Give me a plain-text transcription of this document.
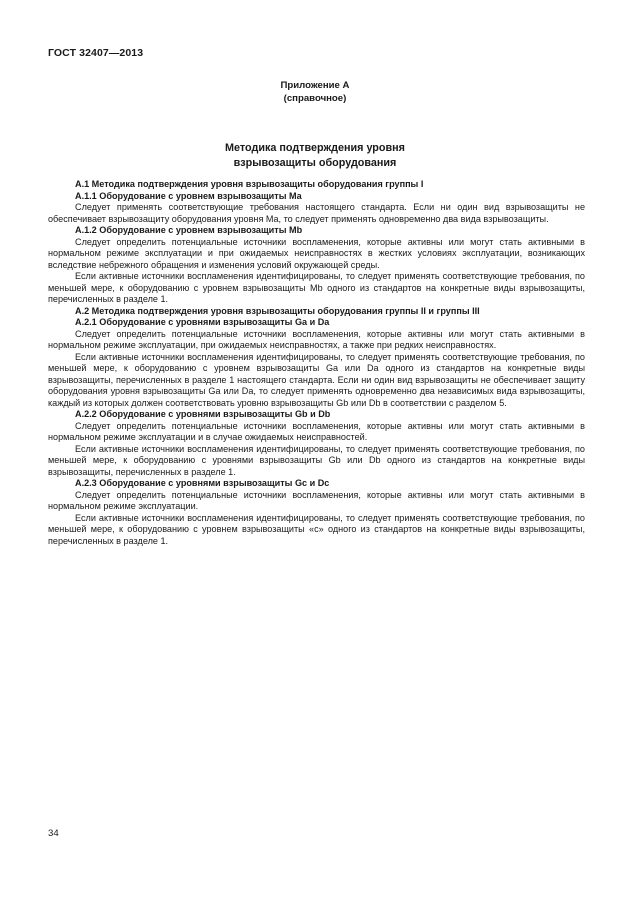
ГОСТ 32407—2013
Приложение А
(справочное)
Методика подтверждения уровня
взрывозащиты оборудования

А.1 Методика подтверждения уровня взрывозащиты оборудования группы I

А.1.1 Оборудование с уровнем взрывозащиты Ma

Следует применять соответствующие требования настоящего стандарта. Если ни один вид взрывозащиты не обеспечивает взрывозащиту оборудования уровня Ma, то следует применять одновременно два вида взрывозащиты.

А.1.2 Оборудование с уровнем взрывозащиты Mb

Следует определить потенциальные источники воспламенения, которые активны или могут стать активными в нормальном режиме эксплуатации и при ожидаемых неисправностях в жестких условиях эксплуатации, возникающих вследствие небрежного обращения и изменения условий окружающей среды.

Если активные источники воспламенения идентифицированы, то следует применять соответствующие требования, по меньшей мере, к оборудованию с уровнем взрывозащиты Mb одного из стандартов на конкретные виды взрывозащиты, перечисленных в разделе 1.

А.2 Методика подтверждения уровня взрывозащиты оборудования группы II и группы III

А.2.1 Оборудование с уровнями взрывозащиты Ga и Da

Следует определить потенциальные источники воспламенения, которые активны или могут стать активными в нормальном режиме эксплуатации, при ожидаемых неисправностях, а также при редких неисправностях.

Если активные источники воспламенения идентифицированы, то следует применять соответствующие требования, по меньшей мере, к оборудованию с уровнем взрывозащиты Ga или Da одного из стандартов на конкретные виды взрывозащиты, перечисленных в разделе 1 настоящего стандарта. Если ни один вид взрывозащиты не обеспечивает защиту оборудования уровня взрывозащиты Ga или Da, то следует применять одновременно два независимых вида взрывозащиты, каждый из которых должен соответствовать уровню взрывозащиты Gb или Db в соответствии с разделом 5.

А.2.2 Оборудование с уровнями взрывозащиты Gb и Db

Следует определить потенциальные источники воспламенения, которые активны или могут стать активными в нормальном режиме эксплуатации и в случае ожидаемых неисправностей.

Если активные источники воспламенения идентифицированы, то следует применять соответствующие требования, по меньшей мере, к оборудованию с уровнями взрывозащиты Gb или Db одного из стандартов на конкретные виды взрывозащиты, перечисленных в разделе 1.

А.2.3 Оборудование с уровнями взрывозащиты Gc и Dc

Следует определить потенциальные источники воспламенения, которые активны или могут стать активными в нормальном режиме эксплуатации.

Если активные источники воспламенения идентифицированы, то следует применять соответствующие требования, по меньшей мере, к оборудованию с уровнем взрывозащиты «с» одного из стандартов на конкретные виды взрывозащиты, перечисленных в разделе 1.

34
